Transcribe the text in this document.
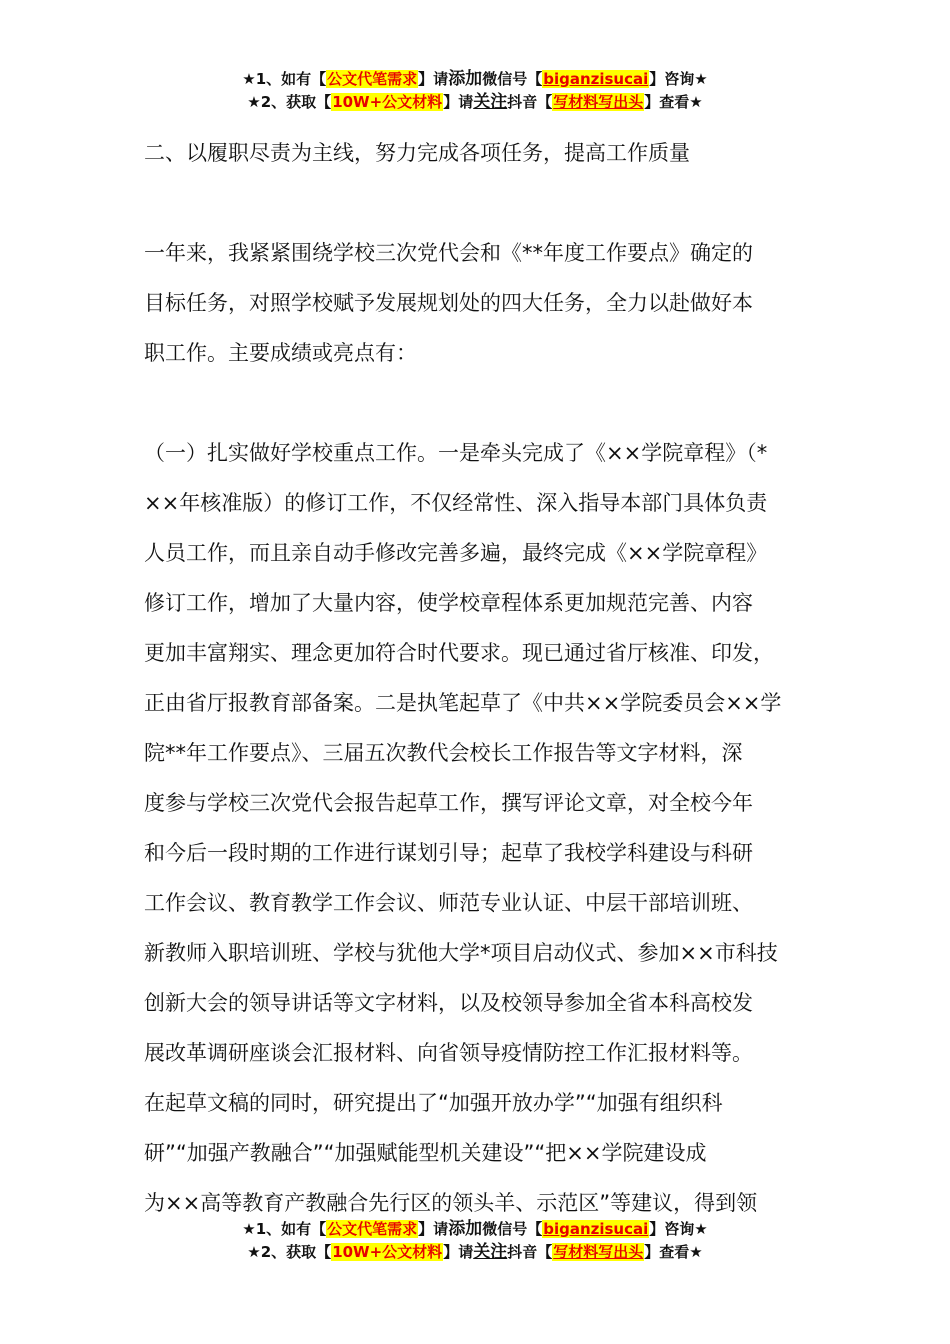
★1、如有【公文代笔需求】请添加微信号【biganzisucai】咨询★
★2、获取【10W+公文材料】请关注抖音【写材料写出头】查看★
二、以履职尽责为主线，努力完成各项任务，提高工作质量
一年来，我紧紧围绕学校三次党代会和《**年度工作要点》确定的
目标任务，对照学校赋予发展规划处的四大任务，全力以赴做好本
职工作。主要成绩或亮点有：
（一）扎实做好学校重点工作。一是牵头完成了《××学院章程》（*
××年核准版）的修订工作，不仅经常性、深入指导本部门具体负责
人员工作，而且亲自动手修改完善多遍，最终完成《××学院章程》
修订工作，增加了大量内容，使学校章程体系更加规范完善、内容
更加丰富翔实、理念更加符合时代要求。现已通过省厅核准、印发，
正由省厅报教育部备案。二是执笔起草了《中共××学院委员会××学
院**年工作要点》、三届五次教代会校长工作报告等文字材料，深
度参与学校三次党代会报告起草工作，撰写评论文章，对全校今年
和今后一段时期的工作进行谋划引导；起草了我校学科建设与科研
工作会议、教育教学工作会议、师范专业认证、中层干部培训班、
新教师入职培训班、学校与犹他大学*项目启动仪式、参加××市科技
创新大会的领导讲话等文字材料，以及校领导参加全省本科高校发
展改革调研座谈会汇报材料、向省领导疫情防控工作汇报材料等。
在起草文稿的同时，研究提出了“加强开放办学”“加强有组织科
研”“加强产教融合”“加强赋能型机关建设”“把××学院建设成
为××高等教育产教融合先行区的领头羊、示范区”等建议，得到领
★1、如有【公文代笔需求】请添加微信号【biganzisucai】咨询★
★2、获取【10W+公文材料】请关注抖音【写材料写出头】查看★
